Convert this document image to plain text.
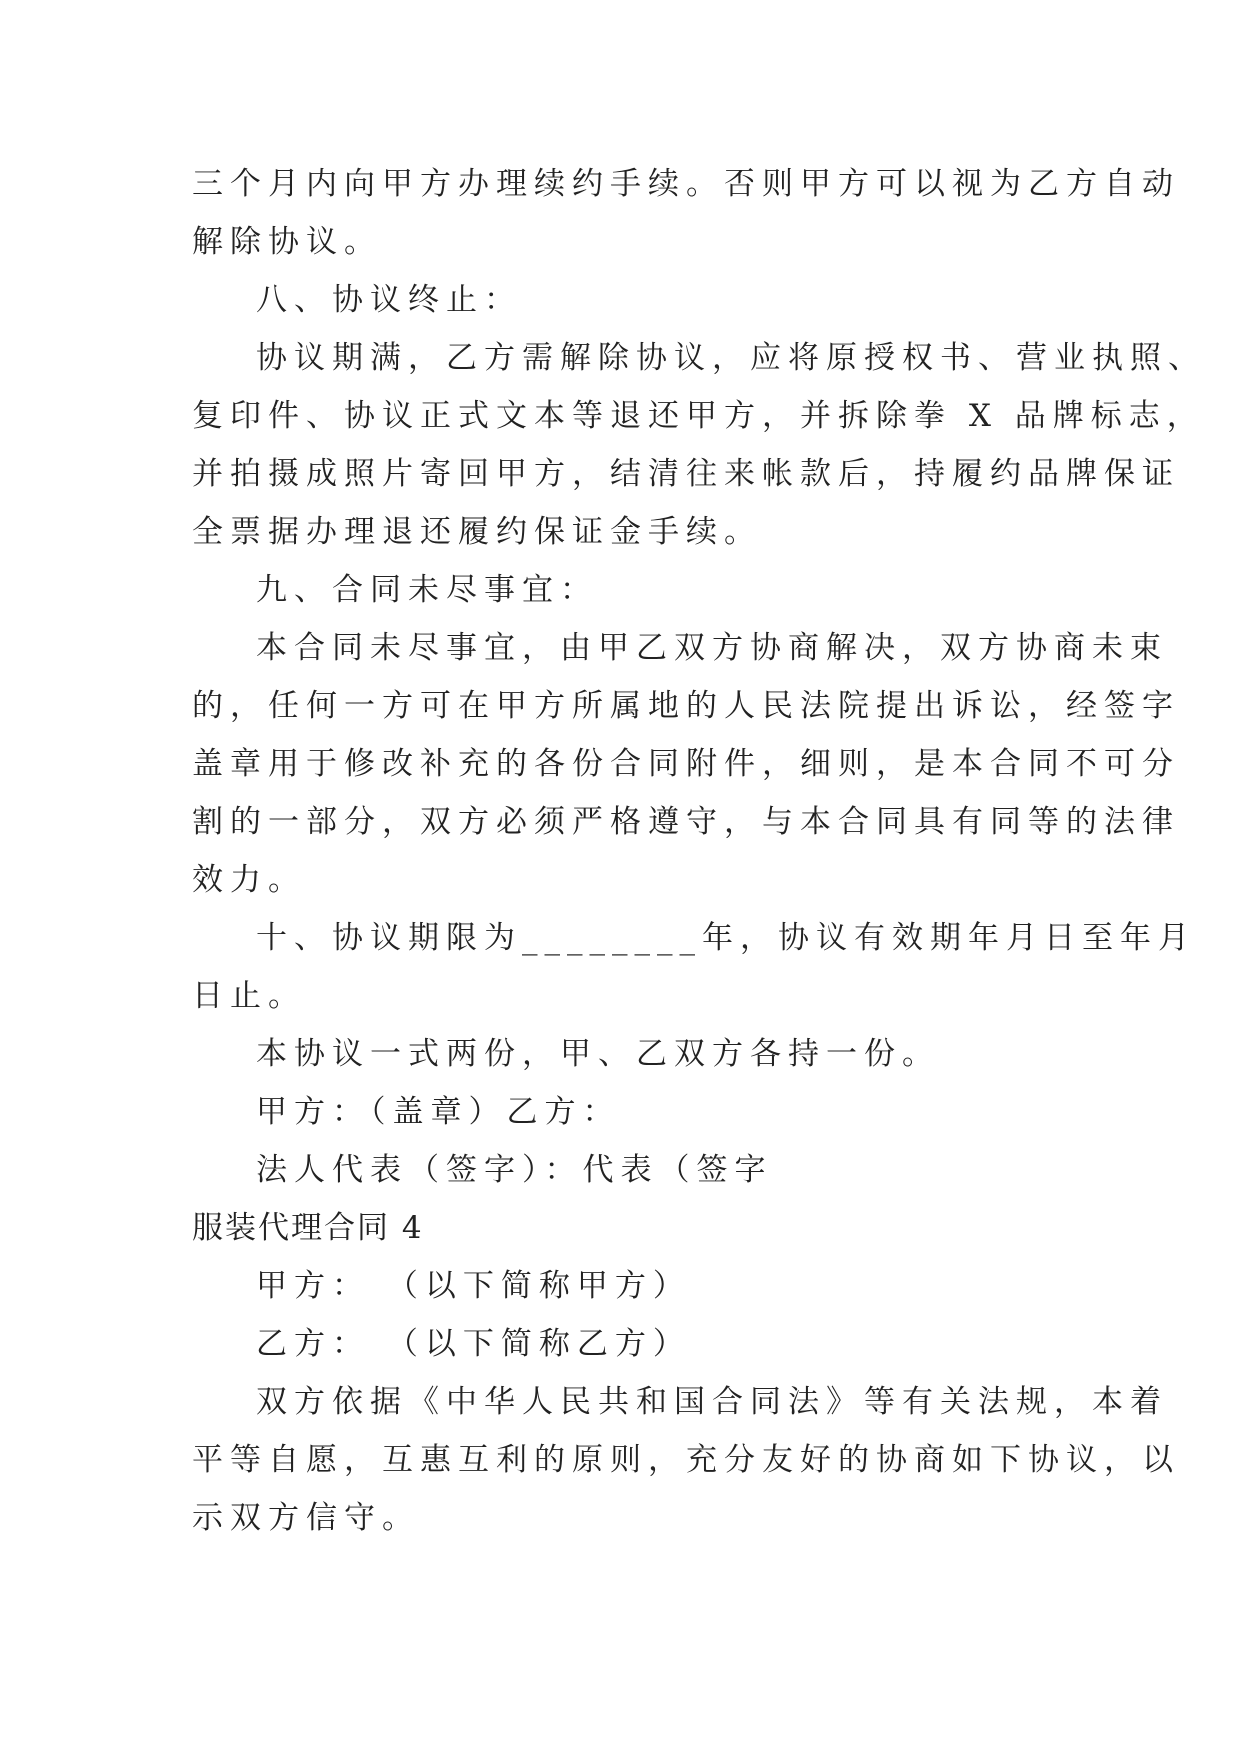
三个月内向甲方办理续约手续。否则甲方可以视为乙方自动
解除协议。
八、协议终止：
协议期满，乙方需解除协议，应将原授权书、营业执照、
复印件、协议正式文本等退还甲方，并拆除拳 X 品牌标志，
并拍摄成照片寄回甲方，结清往来帐款后，持履约品牌保证
全票据办理退还履约保证金手续。
九、合同未尽事宜：
本合同未尽事宜，由甲乙双方协商解决，双方协商未束
的，任何一方可在甲方所属地的人民法院提出诉讼，经签字
盖章用于修改补充的各份合同附件，细则，是本合同不可分
割的一部分，双方必须严格遵守，与本合同具有同等的法律
效力。
十、协议期限为________年，协议有效期年月日至年月
日止。
本协议一式两份，甲、乙双方各持一份。
甲方：（盖章）乙方：
法人代表（签字）：代表（签字
服装代理合同 4
甲方： （以下简称甲方）
乙方： （以下简称乙方）
双方依据《中华人民共和国合同法》等有关法规，本着
平等自愿，互惠互利的原则，充分友好的协商如下协议，以
示双方信守。
